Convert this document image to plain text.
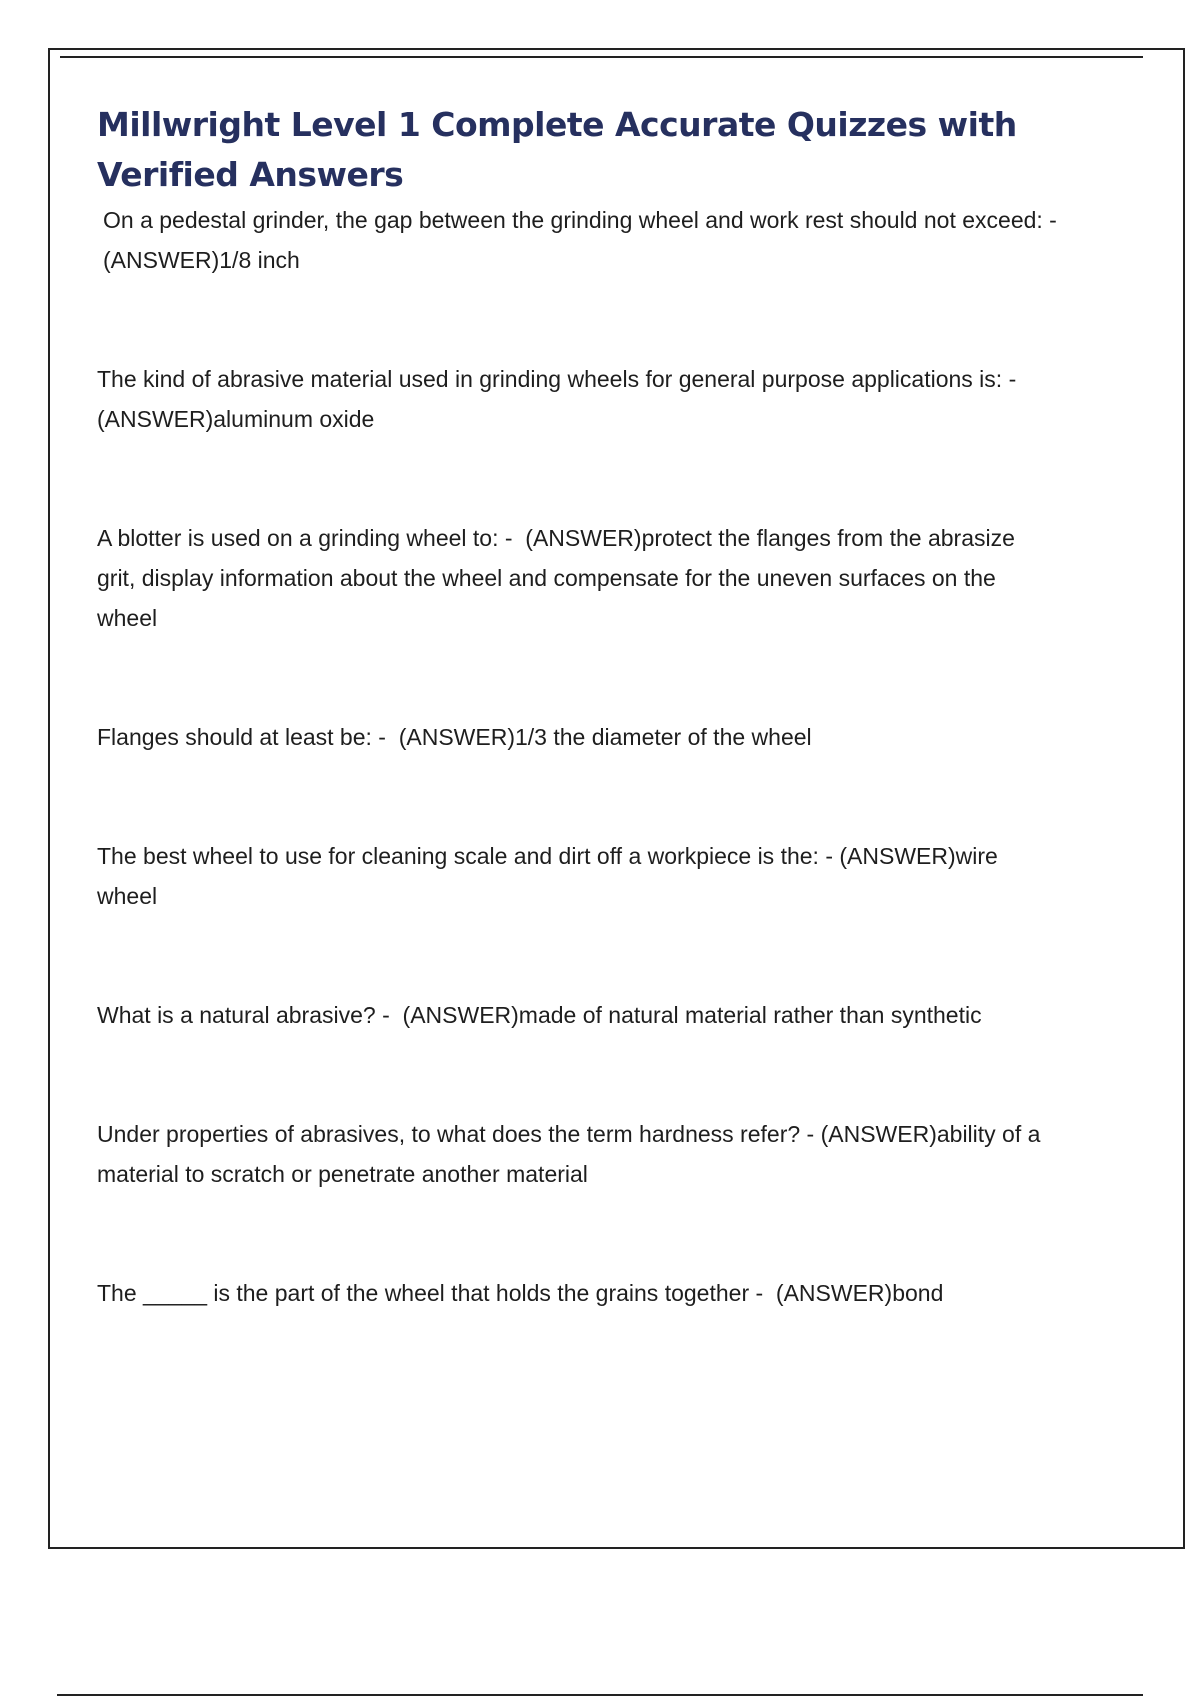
Millwright Level 1 Complete Accurate Quizzes with Verified Answers
On a pedestal grinder, the gap between the grinding wheel and work rest should not exceed: -  (ANSWER)1/8 inch
The kind of abrasive material used in grinding wheels for general purpose applications is: -  (ANSWER)aluminum oxide
A blotter is used on a grinding wheel to: -  (ANSWER)protect the flanges from the abrasize grit, display information about the wheel and compensate for the uneven surfaces on the wheel
Flanges should at least be: -  (ANSWER)1/3 the diameter of the wheel
The best wheel to use for cleaning scale and dirt off a workpiece is the: - (ANSWER)wire wheel
What is a natural abrasive? -  (ANSWER)made of natural material rather than synthetic
Under properties of abrasives, to what does the term hardness refer? - (ANSWER)ability of a material to scratch or penetrate another material
The _____ is the part of the wheel that holds the grains together -  (ANSWER)bond
